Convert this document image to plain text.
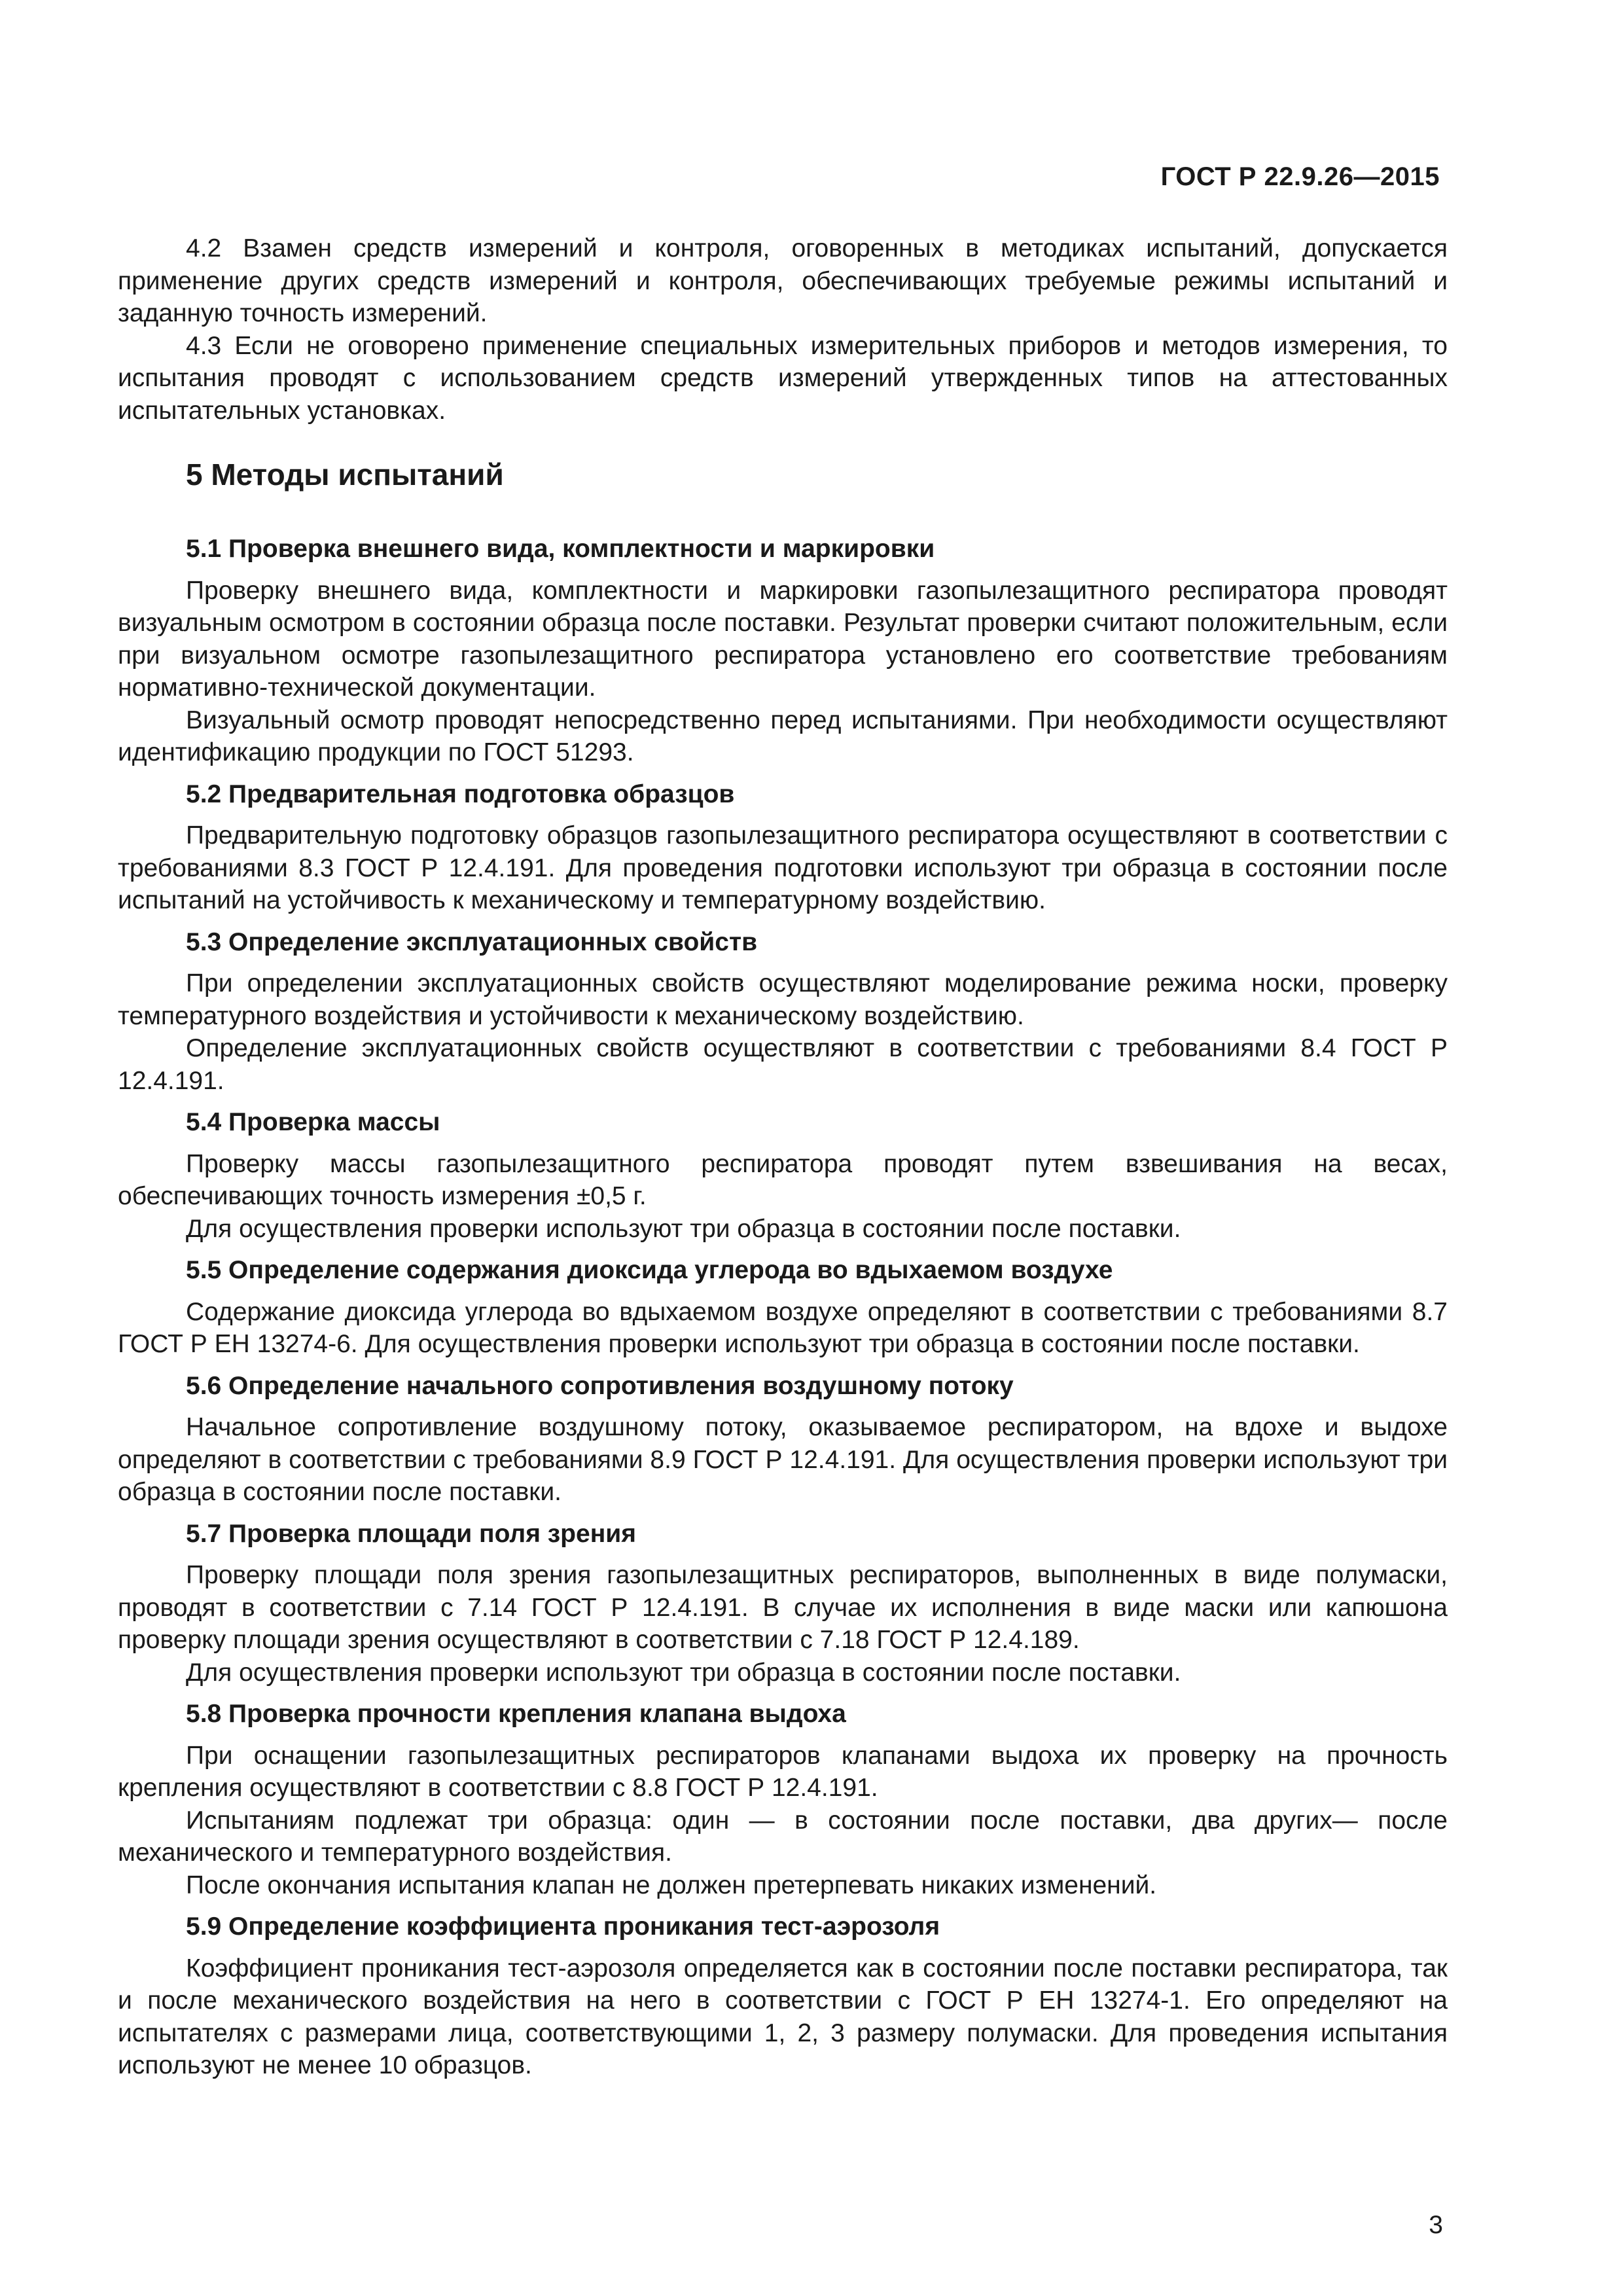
ГОСТ Р 22.9.26—2015

4.2 Взамен средств измерений и контроля, оговоренных в методиках испытаний, допускается применение других средств измерений и контроля, обеспечивающих требуемые режимы испытаний и заданную точность измерений.

4.3 Если не оговорено применение специальных измерительных приборов и методов измерения, то испытания проводят с использованием средств измерений утвержденных типов на аттестованных испытательных установках.

5 Методы испытаний
5.1 Проверка внешнего вида, комплектности и маркировки

Проверку внешнего вида, комплектности и маркировки газопылезащитного респиратора проводят визуальным осмотром в состоянии образца после поставки. Результат проверки считают положительным, если при визуальном осмотре газопылезащитного респиратора установлено его соответствие требованиям нормативно-технической документации.

Визуальный осмотр проводят непосредственно перед испытаниями. При необходимости осуществляют идентификацию продукции по ГОСТ 51293.

5.2 Предварительная подготовка образцов

Предварительную подготовку образцов газопылезащитного респиратора осуществляют в соответствии с требованиями 8.3 ГОСТ Р 12.4.191. Для проведения подготовки используют три образца в состоянии после испытаний на устойчивость к механическому и температурному воздействию.

5.3 Определение эксплуатационных свойств

При определении эксплуатационных свойств осуществляют моделирование режима носки, проверку температурного воздействия и устойчивости к механическому воздействию.

Определение эксплуатационных свойств осуществляют в соответствии с требованиями 8.4 ГОСТ Р 12.4.191.

5.4 Проверка массы

Проверку массы газопылезащитного респиратора проводят путем взвешивания на весах, обеспечивающих точность измерения ±0,5 г.

Для осуществления проверки используют три образца в состоянии после поставки.

5.5 Определение содержания диоксида углерода во вдыхаемом воздухе

Содержание диоксида углерода во вдыхаемом воздухе определяют в соответствии с требованиями 8.7 ГОСТ Р ЕН 13274-6. Для осуществления проверки используют три образца в состоянии после поставки.

5.6 Определение начального сопротивления воздушному потоку

Начальное сопротивление воздушному потоку, оказываемое респиратором, на вдохе и выдохе определяют в соответствии с требованиями 8.9 ГОСТ Р 12.4.191. Для осуществления проверки используют три образца в состоянии после поставки.

5.7 Проверка площади поля зрения

Проверку площади поля зрения газопылезащитных респираторов, выполненных в виде полумаски, проводят в соответствии с 7.14 ГОСТ Р 12.4.191. В случае их исполнения в виде маски или капюшона проверку площади зрения осуществляют в соответствии с 7.18 ГОСТ Р 12.4.189.

Для осуществления проверки используют три образца в состоянии после поставки.

5.8 Проверка прочности крепления клапана выдоха

При оснащении газопылезащитных респираторов клапанами выдоха их проверку на прочность крепления осуществляют в соответствии с 8.8 ГОСТ Р 12.4.191.

Испытаниям подлежат три образца: один — в состоянии после поставки, два других— после механического и температурного воздействия.

После окончания испытания клапан не должен претерпевать никаких изменений.

5.9 Определение коэффициента проникания тест-аэрозоля

Коэффициент проникания тест-аэрозоля определяется как в состоянии после поставки респиратора, так и после механического воздействия на него в соответствии с ГОСТ Р ЕН 13274-1. Его определяют на испытателях с размерами лица, соответствующими 1, 2, 3 размеру полумаски. Для проведения испытания используют не менее 10 образцов.

3
